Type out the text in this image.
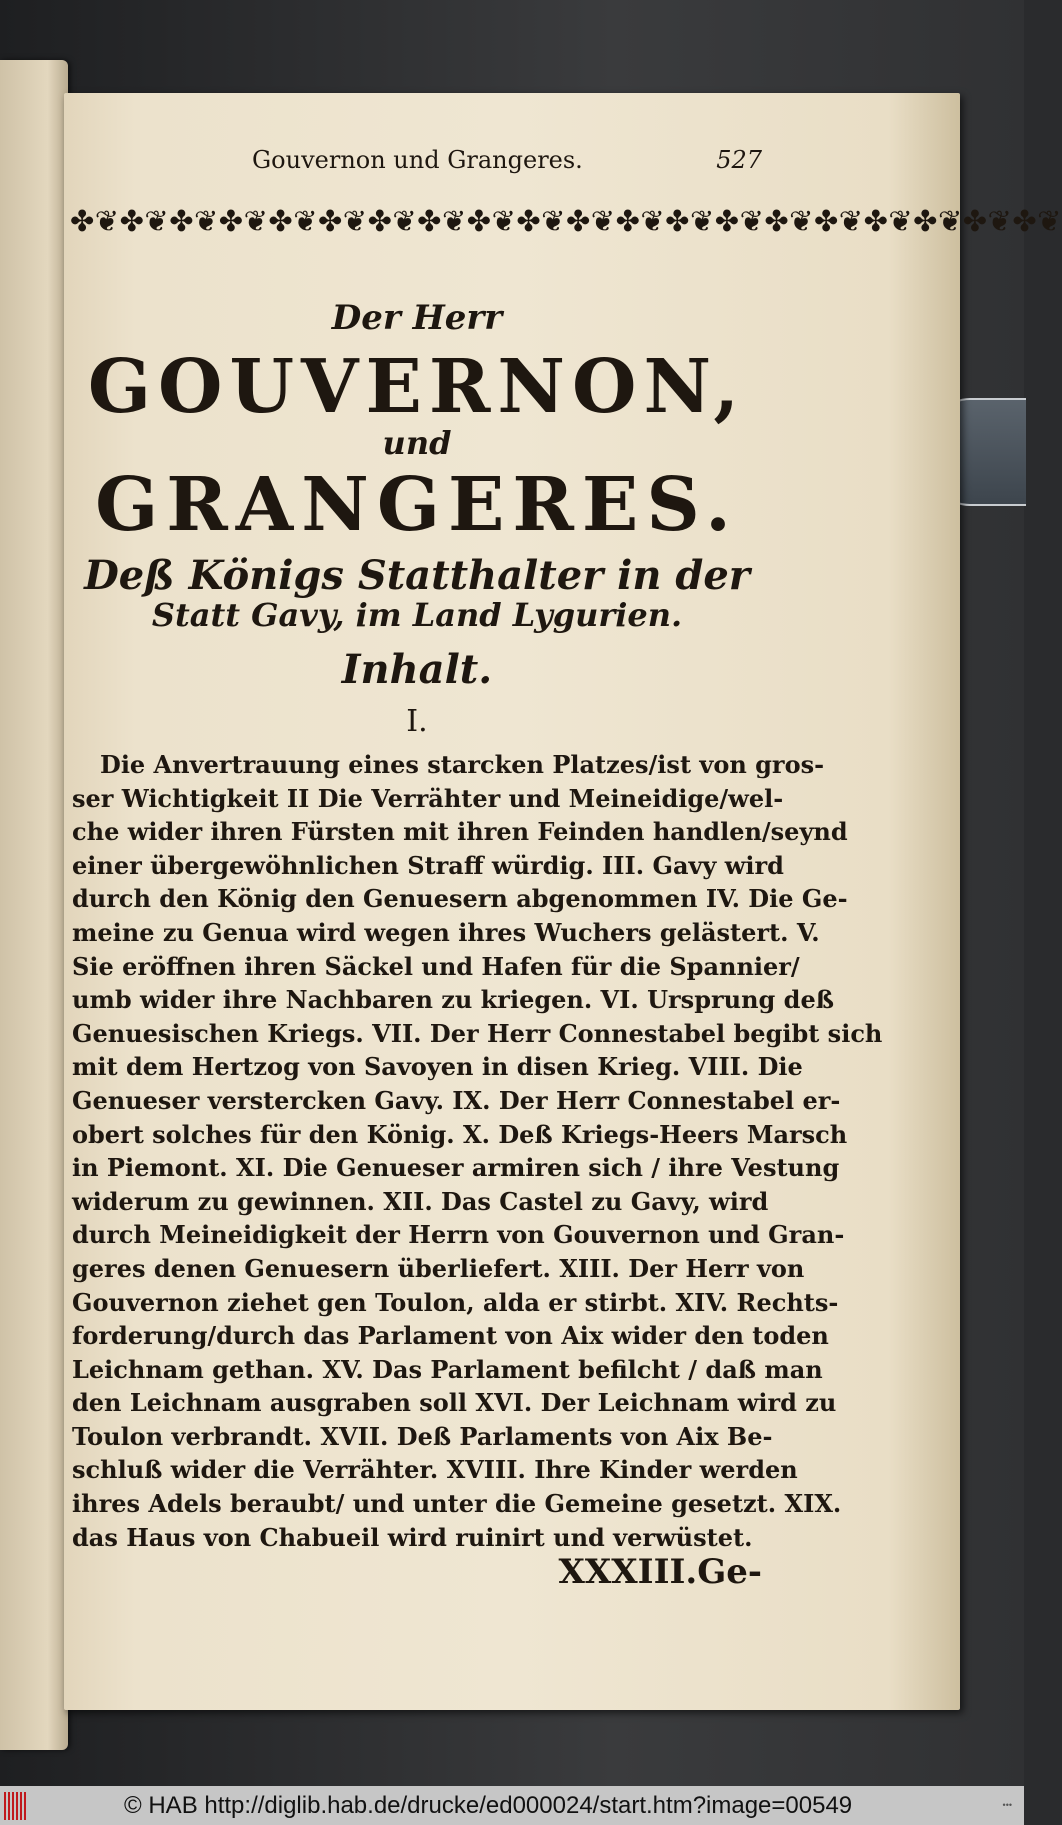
Gouvernon und Grangeres.	527
✤❦✤❦✤❦✤❦✤❦✤❦✤❦✤❦✤❦✤❦✤❦✤❦✤❦✤❦✤❦✤❦✤❦✤❦✤❦✤❦
Der Herr
GOUVERNON,
und
GRANGERES.
Deß Königs Statthalter in der
Statt Gavy, im Land Lygurien.
Inhalt.
I.
Die Anvertrauung eines starcken Platzes/ist von gros-
ser Wichtigkeit II Die Verrähter und Meineidige/wel-
che wider ihren Fürsten mit ihren Feinden handlen/seynd
einer übergewöhnlichen Straff würdig. III. Gavy wird
durch den König den Genuesern abgenommen IV. Die Ge-
meine zu Genua wird wegen ihres Wuchers gelästert. V.
Sie eröffnen ihren Säckel und Hafen für die Spannier/
umb wider ihre Nachbaren zu kriegen. VI. Ursprung deß
Genuesischen Kriegs. VII. Der Herr Connestabel begibt sich
mit dem Hertzog von Savoyen in disen Krieg. VIII. Die
Genueser verstercken Gavy. IX. Der Herr Connestabel er-
obert solches für den König. X. Deß Kriegs-Heers Marsch
in Piemont. XI. Die Genueser armiren sich / ihre Vestung
widerum zu gewinnen. XII. Das Castel zu Gavy, wird
durch Meineidigkeit der Herrn von Gouvernon und Gran-
geres denen Genuesern überliefert. XIII. Der Herr von
Gouvernon ziehet gen Toulon, alda er stirbt. XIV. Rechts-
forderung/durch das Parlament von Aix wider den toden
Leichnam gethan. XV. Das Parlament befilcht / daß man
den Leichnam ausgraben soll XVI. Der Leichnam wird zu
Toulon verbrandt. XVII. Deß Parlaments von Aix Be-
schluß wider die Verrähter. XVIII. Ihre Kinder werden
ihres Adels beraubt/ und unter die Gemeine gesetzt. XIX.
das Haus von Chabueil wird ruinirt und verwüstet.
XXXIII.Ge-
© HAB http://diglib.hab.de/drucke/ed000024/start.htm?image=00549	•••
